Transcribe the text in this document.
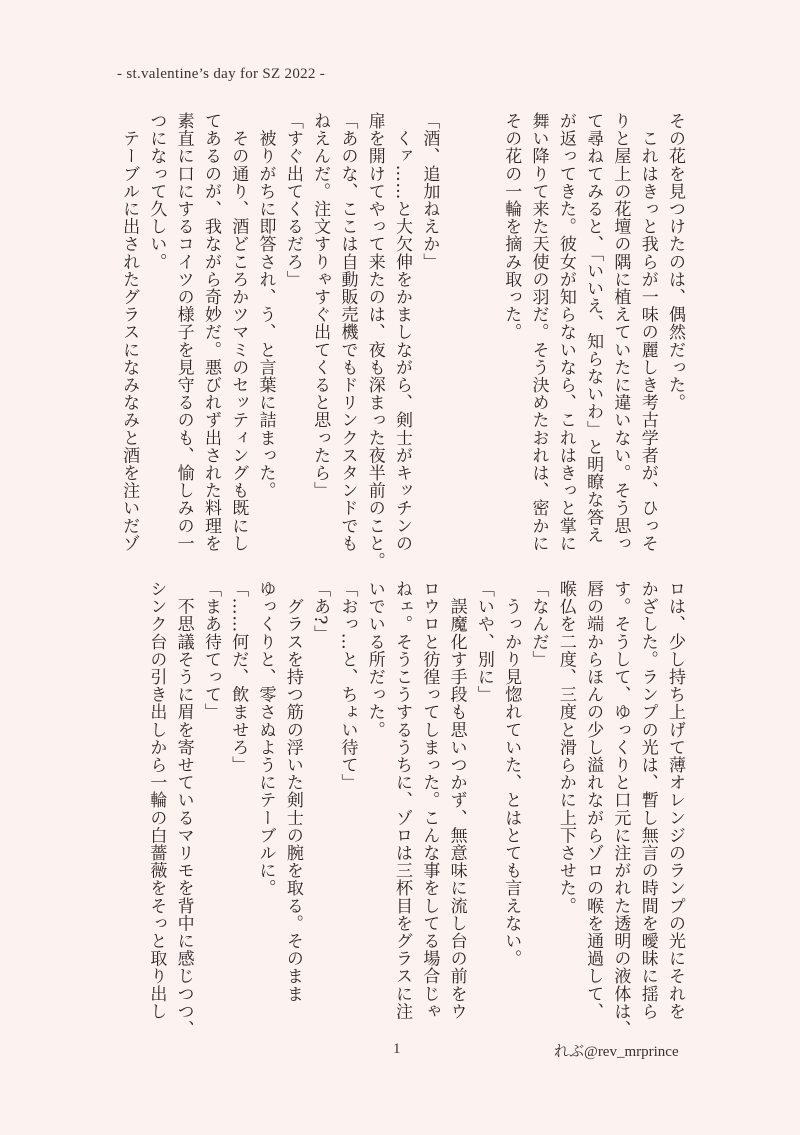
- st.valentine’s day for SZ 2022 -
その花を見つけたのは、偶然だった。
　これはきっと我らが一味の麗しき考古学者が、ひっそ
りと屋上の花壇の隅に植えていたに違いない。そう思っ
て尋ねてみると、「いいえ、知らないわ」と明瞭な答え
が返ってきた。彼女が知らないなら、これはきっと掌に
舞い降りて来た天使の羽だ。そう決めたおれは、密かに
その花の一輪を摘み取った。

「酒、追加ねえか」
　くァ……と大欠伸をかましながら、剣士がキッチンの
扉を開けてやって来たのは、夜も深まった夜半前のこと。
「あのな、ここは自動販売機でもドリンクスタンドでも
ねえんだ。注文すりゃすぐ出てくると思ったら」
「すぐ出てくるだろ」
　被りがちに即答され、う、と言葉に詰まった。
　その通り、酒どころかツマミのセッティングも既にし
てあるのが、我ながら奇妙だ。悪びれず出された料理を
素直に口にするコイツの様子を見守るのも、愉しみの一
つになって久しい。
　テーブルに出されたグラスになみなみと酒を注いだゾ
ロは、少し持ち上げて薄オレンジのランプの光にそれを
かざした。ランプの光は、暫し無言の時間を曖昧に揺ら
す。そうして、ゆっくりと口元に注がれた透明の液体は、
唇の端からほんの少し溢れながらゾロの喉を通過して、
喉仏を二度、三度と滑らかに上下させた。
「なんだ」
　うっかり見惚れていた、とはとても言えない。
「いや、別に」
　誤魔化す手段も思いつかず、無意味に流し台の前をウ
ロウロと彷徨ってしまった。こんな事をしてる場合じゃ
ねェ。そうこうするうちに、ゾロは三杯目をグラスに注
いでいる所だった。
「おっ…と、ちょい待て」
「あ?」
　グラスを持つ筋の浮いた剣士の腕を取る。そのまま
ゆっくりと、零さぬようにテーブルに。
「……何だ、飲ませろ」
「まあ待てって」
　不思議そうに眉を寄せているマリモを背中に感じつつ、
シンク台の引き出しから一輪の白薔薇をそっと取り出し
1	れぶ@rev_mrprince
